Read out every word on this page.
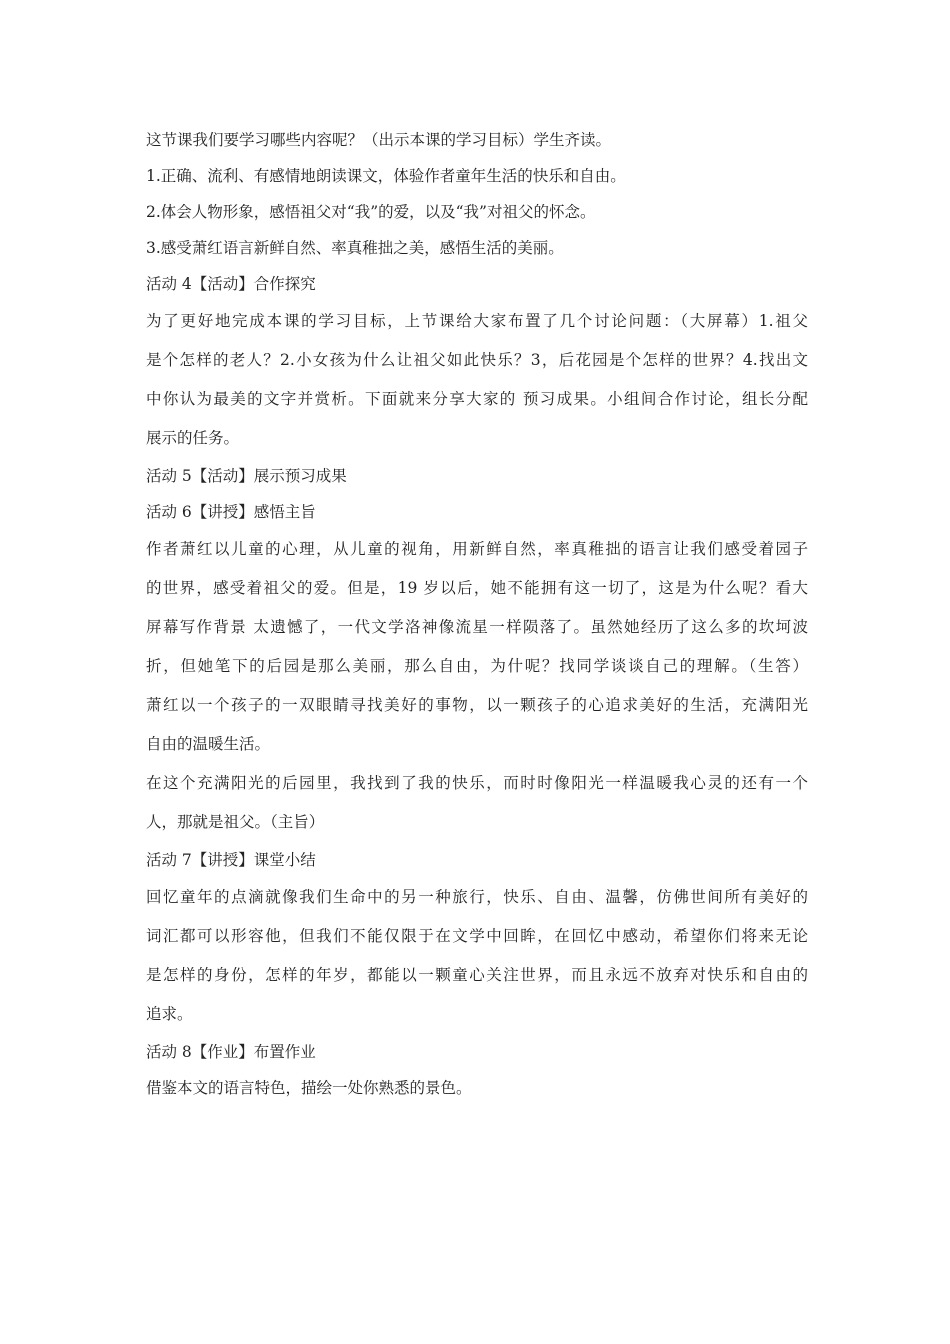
这节课我们要学习哪些内容呢？（出示本课的学习目标）学生齐读。
1.正确、流利、有感情地朗读课文，体验作者童年生活的快乐和自由。
2.体会人物形象，感悟祖父对“我”的爱，以及“我”对祖父的怀念。
3.感受萧红语言新鲜自然、率真稚拙之美，感悟生活的美丽。
活动 4【活动】合作探究
为了更好地完成本课的学习目标，上节课给大家布置了几个讨论问题：（大屏幕）1.祖父
是个怎样的老人？2.小女孩为什么让祖父如此快乐？3，后花园是个怎样的世界？4.找出文
中你认为最美的文字并赏析。下面就来分享大家的 预习成果。小组间合作讨论，组长分配
展示的任务。
活动 5【活动】展示预习成果
活动 6【讲授】感悟主旨
作者萧红以儿童的心理，从儿童的视角，用新鲜自然，率真稚拙的语言让我们感受着园子
的世界，感受着祖父的爱。但是，19 岁以后，她不能拥有这一切了，这是为什么呢？看大
屏幕写作背景 太遗憾了，一代文学洛神像流星一样陨落了。虽然她经历了这么多的坎坷波
折，但她笔下的后园是那么美丽，那么自由，为什呢？找同学谈谈自己的理解。（生答）
萧红以一个孩子的一双眼睛寻找美好的事物，以一颗孩子的心追求美好的生活，充满阳光
自由的温暖生活。
在这个充满阳光的后园里，我找到了我的快乐，而时时像阳光一样温暖我心灵的还有一个
人，那就是祖父。（主旨）
活动 7【讲授】课堂小结
回忆童年的点滴就像我们生命中的另一种旅行，快乐、自由、温馨，仿佛世间所有美好的
词汇都可以形容他，但我们不能仅限于在文学中回眸，在回忆中感动，希望你们将来无论
是怎样的身份，怎样的年岁，都能以一颗童心关注世界，而且永远不放弃对快乐和自由的
追求。
活动 8【作业】布置作业
借鉴本文的语言特色，描绘一处你熟悉的景色。
